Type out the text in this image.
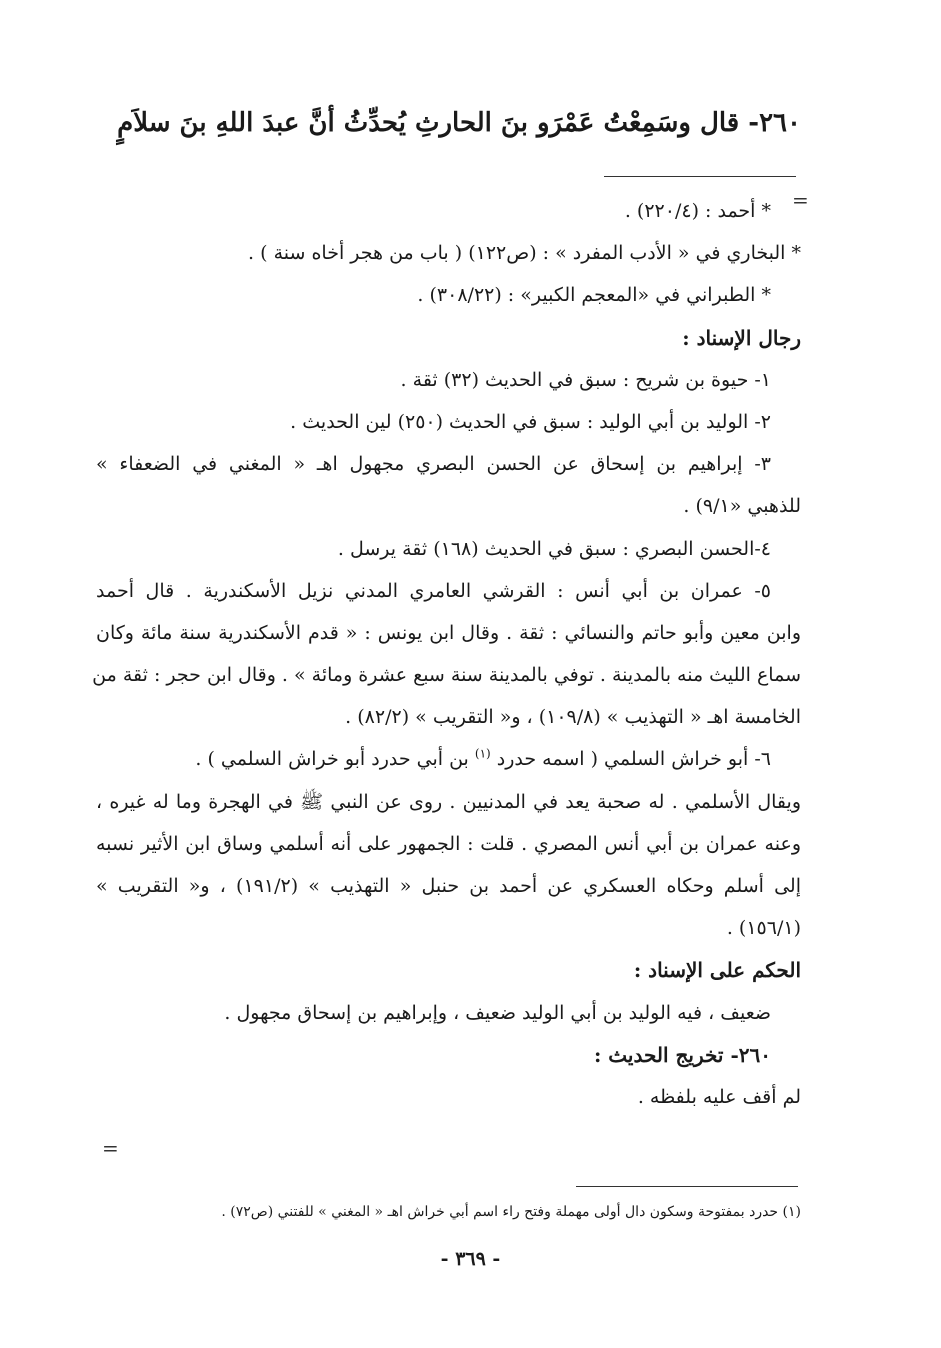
٢٦٠- قال وسَمِعْتُ عَمْرَو بنَ الحارثِ يُحدِّثُ أنَّ عبدَ اللهِ بنَ سلاَمٍ
=
* أحمد : (٢٢٠/٤) .
* البخاري في « الأدب المفرد » : (ص١٢٢) ( باب من هجر أخاه سنة ) .
* الطبراني في «المعجم الكبير» : (٣٠٨/٢٢) .
رجال الإسناد :
١- حيوة بن شريح : سبق في الحديث (٣٢) ثقة .
٢- الوليد بن أبي الوليد : سبق في الحديث (٢٥٠) لين الحديث .
٣- إبراهيم بن إسحاق عن الحسن البصري مجهول اهـ « المغني في الضعفاء »
للذهبي «٩/١) .
٤-الحسن البصري : سبق في الحديث (١٦٨) ثقة يرسل .
٥- عمران بن أبي أنس : القرشي العامري المدني نزيل الأسكندرية . قال أحمد
وابن معين وأبو حاتم والنسائي : ثقة . وقال ابن يونس : « قدم الأسكندرية سنة مائة وكان
سماع الليث منه بالمدينة . توفي بالمدينة سنة سبع عشرة ومائة » . وقال ابن حجر : ثقة من
الخامسة اهـ « التهذيب » (١٠٩/٨) ، و« التقريب » (٨٢/٢) .
٦- أبو خراش السلمي ( اسمه حدرد $^{(١)}$ بن أبي حدرد أبو خراش السلمي ) .
ويقال الأسلمي . له صحبة يعد في المدنيين . روى عن النبي ﷺ في الهجرة وما له غيره ،
وعنه عمران بن أبي أنس المصري . قلت : الجمهور على أنه أسلمي وساق ابن الأثير نسبه
إلى أسلم وحكاه العسكري عن أحمد بن حنبل « التهذيب » (١٩١/٢) ، و« التقريب »
(١٥٦/١) .
الحكم على الإسناد :
ضعيف ، فيه الوليد بن أبي الوليد ضعيف ، وإبراهيم بن إسحاق مجهول .
٢٦٠- تخريج الحديث :
لم أقف عليه بلفظه .
=
(١) حدرد بمفتوحة وسكون دال أولى مهملة وفتح راء اسم أبي خراش اهـ « المغني » للفتني (ص٧٢) .
- ٣٦٩ -
